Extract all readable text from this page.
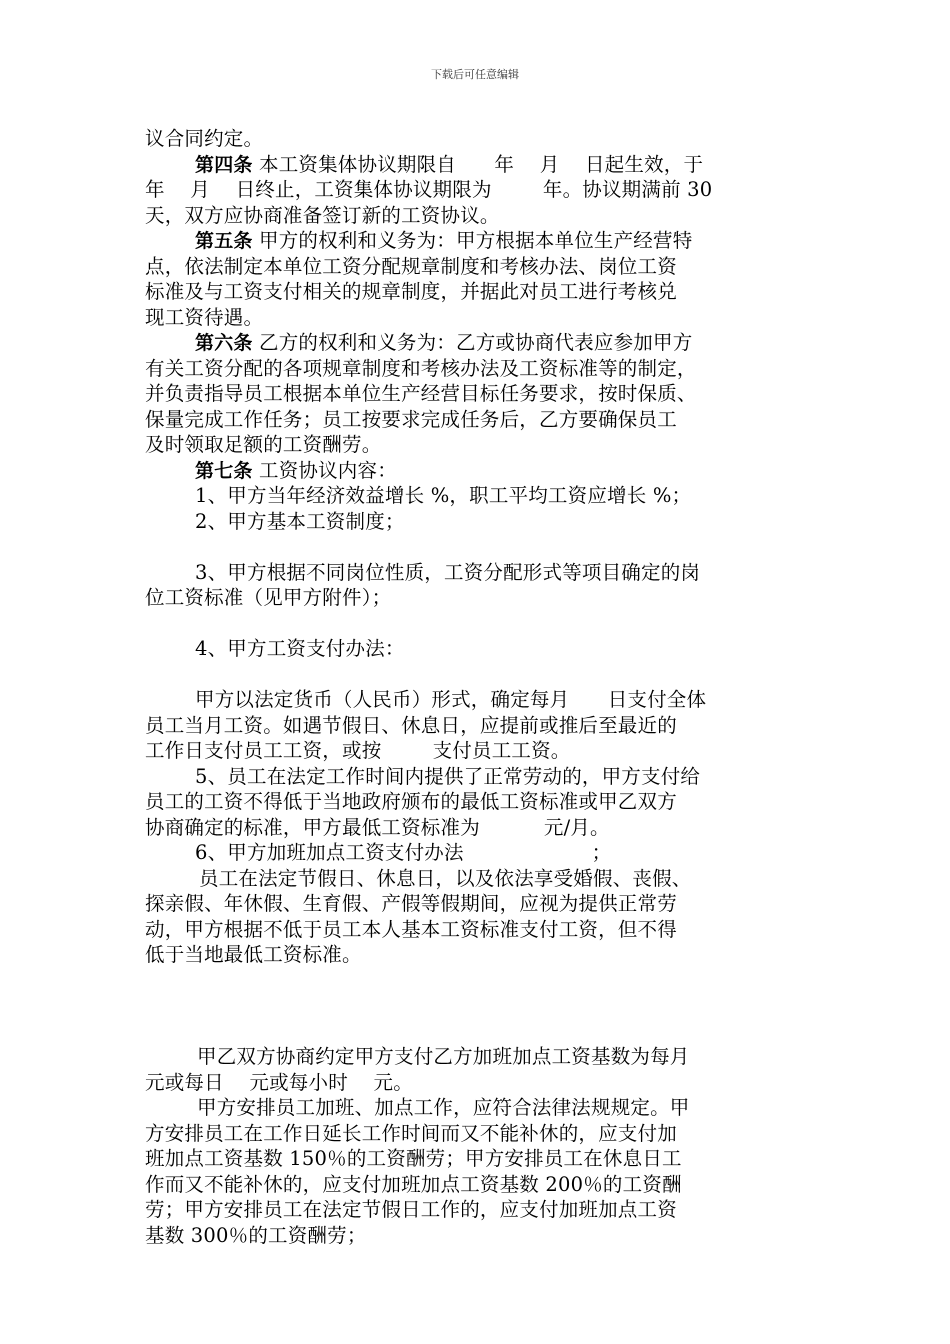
下载后可任意编辑
议合同约定。
第四条 本工资集体协议期限自      年    月    日起生效，于
年    月    日终止，工资集体协议期限为        年。协议期满前 30
天，双方应协商准备签订新的工资协议。
第五条 甲方的权利和义务为：甲方根据本单位生产经营特
点，依法制定本单位工资分配规章制度和考核办法、岗位工资
标准及与工资支付相关的规章制度，并据此对员工进行考核兑
现工资待遇。
第六条 乙方的权利和义务为：乙方或协商代表应参加甲方
有关工资分配的各项规章制度和考核办法及工资标准等的制定，
并负责指导员工根据本单位生产经营目标任务要求，按时保质、
保量完成工作任务；员工按要求完成任务后，乙方要确保员工
及时领取足额的工资酬劳。
第七条 工资协议内容：
1、甲方当年经济效益增长 %，职工平均工资应增长 %；
2、甲方基本工资制度；
3、甲方根据不同岗位性质，工资分配形式等项目确定的岗
位工资标准（见甲方附件）；
4、甲方工资支付办法：
甲方以法定货币（人民币）形式，确定每月      日支付全体
员工当月工资。如遇节假日、休息日，应提前或推后至最近的
工作日支付员工工资，或按        支付员工工资。
5、员工在法定工作时间内提供了正常劳动的，甲方支付给
员工的工资不得低于当地政府颁布的最低工资标准或甲乙双方
协商确定的标准，甲方最低工资标准为          元/月。
6、甲方加班加点工资支付办法                    ；
员工在法定节假日、休息日，以及依法享受婚假、丧假、
探亲假、年休假、生育假、产假等假期间，应视为提供正常劳
动，甲方根据不低于员工本人基本工资标准支付工资，但不得
低于当地最低工资标准。
甲乙双方协商约定甲方支付乙方加班加点工资基数为每月
元或每日    元或每小时    元。
甲方安排员工加班、加点工作，应符合法律法规规定。甲
方安排员工在工作日延长工作时间而又不能补休的，应支付加
班加点工资基数 150％的工资酬劳；甲方安排员工在休息日工
作而又不能补休的，应支付加班加点工资基数 200％的工资酬
劳；甲方安排员工在法定节假日工作的，应支付加班加点工资
基数 300％的工资酬劳；
